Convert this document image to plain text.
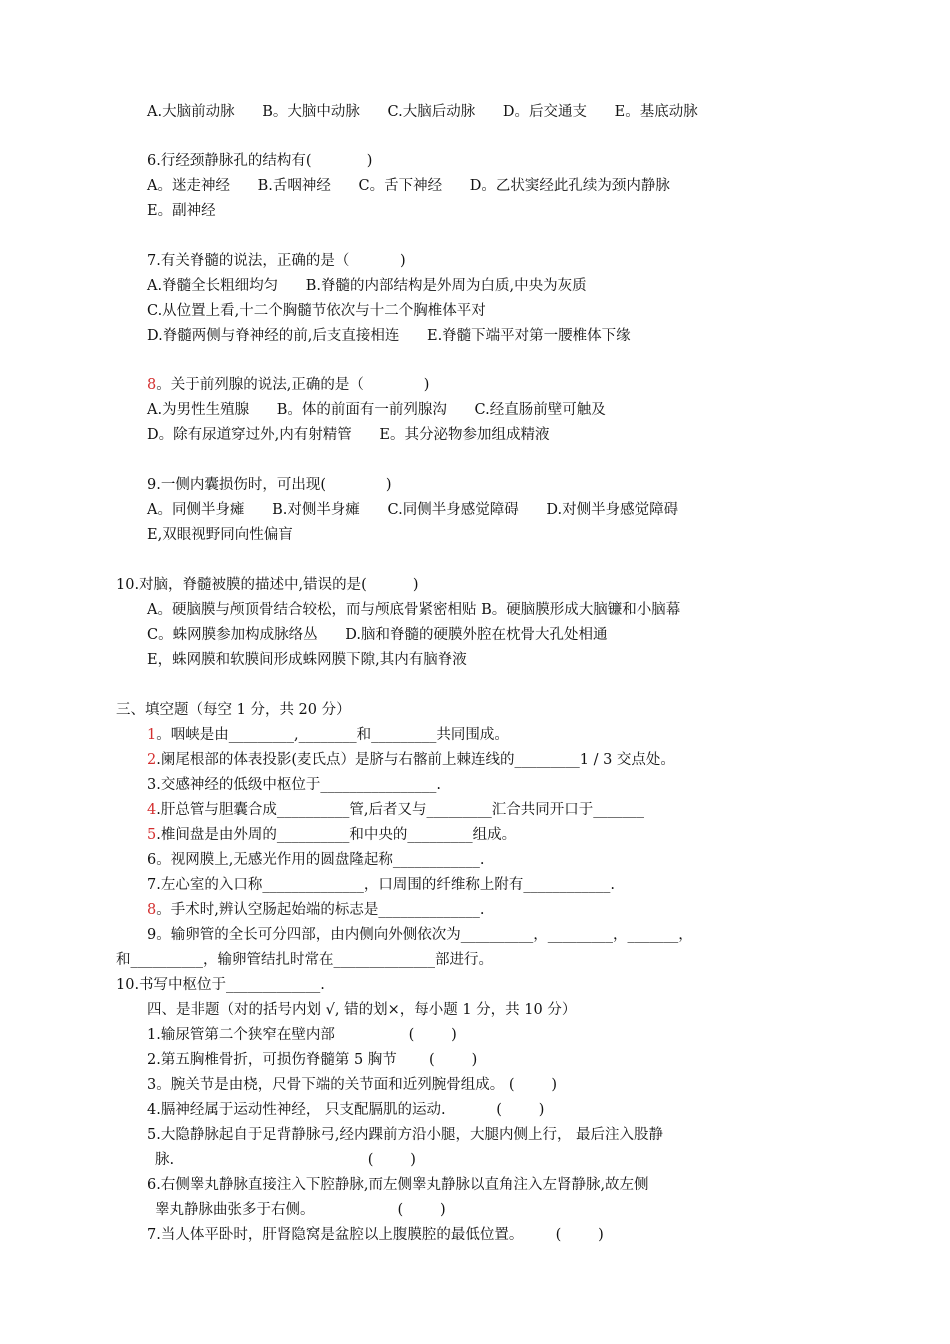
A.大脑前动脉      B。大脑中动脉      C.大脑后动脉      D。后交通支      E。基底动脉
6.行经颈静脉孔的结构有(            )
A。迷走神经      B.舌咽神经      C。舌下神经      D。乙状窦经此孔续为颈内静脉
E。副神经
7.有关脊髓的说法，正确的是（           )
A.脊髓全长粗细均匀      B.脊髓的内部结构是外周为白质,中央为灰质
C.从位置上看,十二个胸髓节依次与十二个胸椎体平对
D.脊髓两侧与脊神经的前,后支直接相连      E.脊髓下端平对第一腰椎体下缘
8。关于前列腺的说法,正确的是（             )
A.为男性生殖腺      B。体的前面有一前列腺沟      C.经直肠前壁可触及
D。除有尿道穿过外,内有射精管      E。其分泌物参加组成精液
9.一侧内囊损伤时，可出现(             )
A。同侧半身瘫      B.对侧半身瘫      C.同侧半身感觉障碍      D.对侧半身感觉障碍
E,双眼视野同向性偏盲
10.对脑，脊髓被膜的描述中,错误的是(          )
A。硬脑膜与颅顶骨结合较松，而与颅底骨紧密相贴 B。硬脑膜形成大脑镰和小脑幕
C。蛛网膜参加构成脉络丛      D.脑和脊髓的硬膜外腔在枕骨大孔处相通
E，蛛网膜和软膜间形成蛛网膜下隙,其内有脑脊液
三、填空题（每空 1 分，共 20 分）
1。咽峡是由_________,________和_________共同围成。
2.阑尾根部的体表投影(麦氏点）是脐与右髂前上棘连线的_________1 / 3 交点处。
3.交感神经的低级中枢位于________________.
4.肝总管与胆囊合成__________管,后者又与_________汇合共同开口于_______
5.椎间盘是由外周的__________和中央的_________组成。
6。视网膜上,无感光作用的圆盘隆起称____________.
7.左心室的入口称______________，口周围的纤维称上附有____________.
8。手术时,辨认空肠起始端的标志是______________.
9。输卵管的全长可分四部，由内侧向外侧依次为__________，_________，_______，
和__________，输卵管结扎时常在______________部进行。
10.书写中枢位于_____________.
四、是非题（对的括号内划 √, 错的划×，每小题 1 分，共 10 分）
1.输尿管第二个狭窄在壁内部                (        )
2.第五胸椎骨折，可损伤脊髓第 5 胸节       (        )
3。腕关节是由桡，尺骨下端的关节面和近列腕骨组成。 (        )
4.膈神经属于运动性神经， 只支配膈肌的运动.           (        )
5.大隐静脉起自于足背静脉弓,经内踝前方沿小腿，大腿内侧上行， 最后注入股静
脉.                                          (        )
6.右侧睾丸静脉直接注入下腔静脉,而左侧睾丸静脉以直角注入左肾静脉,故左侧
睾丸静脉曲张多于右侧。                  (        )
7.当人体平卧时，肝肾隐窝是盆腔以上腹膜腔的最低位置。       (        )
